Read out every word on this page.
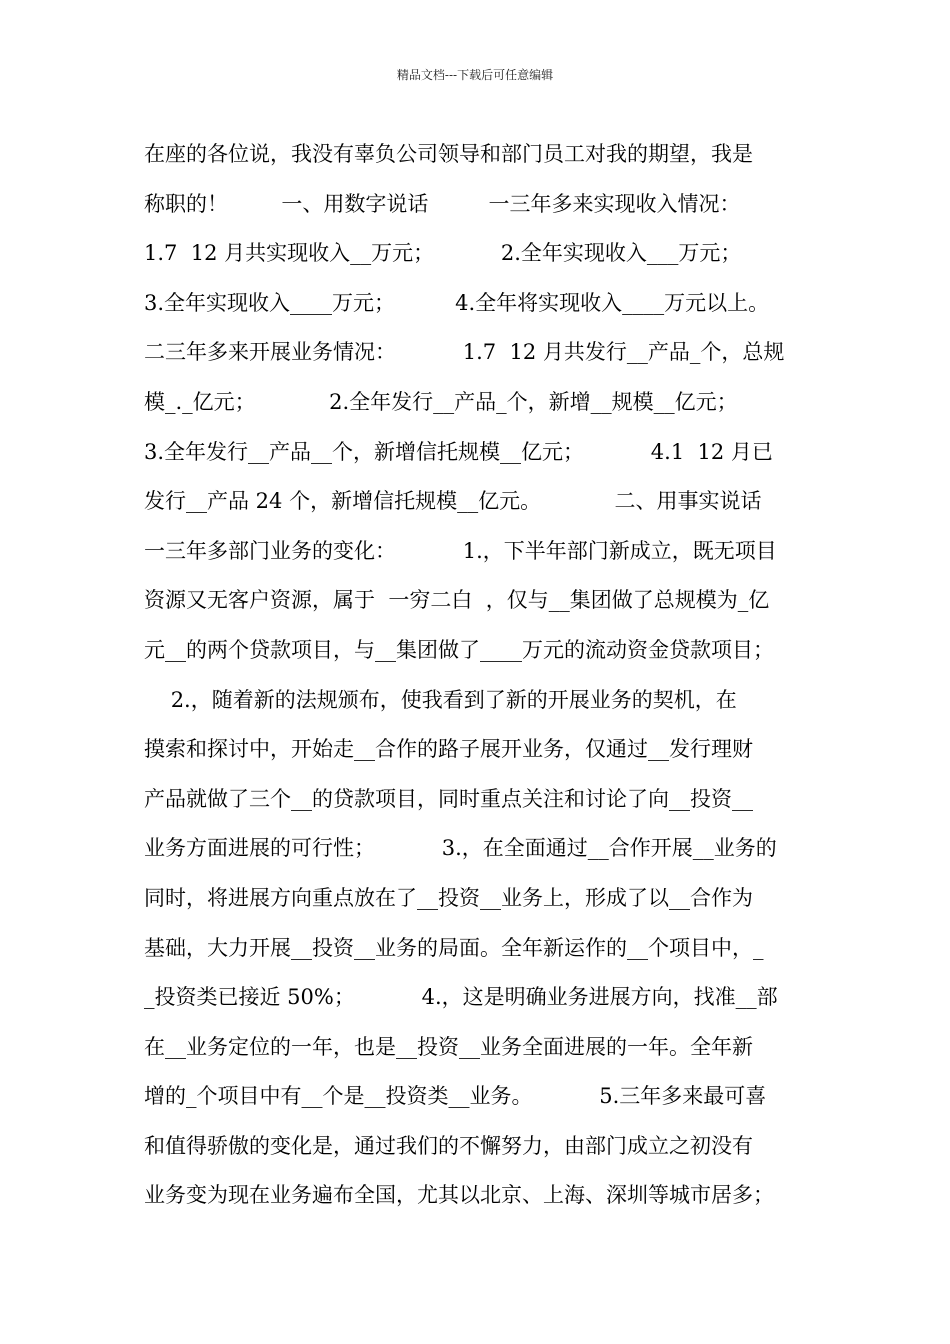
精品文档---下载后可任意编辑
在座的各位说，我没有辜负公司领导和部门员工对我的期望，我是
称职的！        一、用数字说话         一三年多来实现收入情况：
1.7  12 月共实现收入__万元；          2.全年实现收入___万元；
3.全年实现收入____万元；         4.全年将实现收入____万元以上。
二三年多来开展业务情况：          1.7  12 月共发行__产品_个，总规
模_._亿元；           2.全年发行__产品_个，新增__规模__亿元；
3.全年发行__产品__个，新增信托规模__亿元；          4.1  12 月已
发行__产品 24 个，新增信托规模__亿元。           二、用事实说话
一三年多部门业务的变化：          1.，下半年部门新成立，既无项目
资源又无客户资源，属于  一穷二白  ，仅与__集团做了总规模为_亿
元__的两个贷款项目，与__集团做了____万元的流动资金贷款项目；
2.，随着新的法规颁布，使我看到了新的开展业务的契机，在
摸索和探讨中，开始走__合作的路子展开业务，仅通过__发行理财
产品就做了三个__的贷款项目，同时重点关注和讨论了向__投资__
业务方面进展的可行性；          3.，在全面通过__合作开展__业务的
同时，将进展方向重点放在了__投资__业务上，形成了以__合作为
基础，大力开展__投资__业务的局面。全年新运作的__个项目中，_
_投资类已接近 50%；          4.，这是明确业务进展方向，找准__部
在__业务定位的一年，也是__投资__业务全面进展的一年。全年新
增的_个项目中有__个是__投资类__业务。          5.三年多来最可喜
和值得骄傲的变化是，通过我们的不懈努力，由部门成立之初没有
业务变为现在业务遍布全国，尤其以北京、上海、深圳等城市居多；
